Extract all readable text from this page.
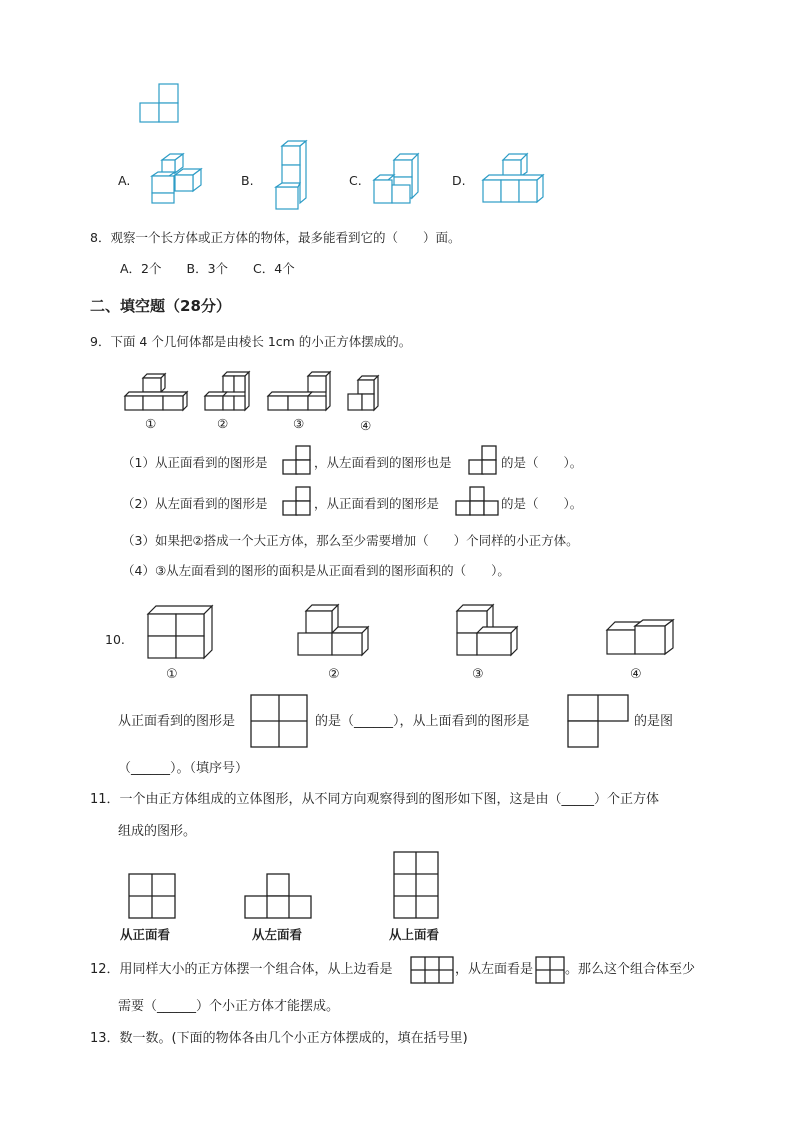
A.	B.	C.	D.
8．观察一个长方体或正方体的物体，最多能看到它的（　　）面。
A．2个　　B．3个　　C．4个
二、填空题（28分）
9．下面 4 个几何体都是由棱长 1cm 的小正方体摆成的。
①	②	③	④
（1）从正面看到的图形是	，从左面看到的图形也是	的是（　　）。
（2）从左面看到的图形是	，从正面看到的图形是	的是（　　）。
（3）如果把②搭成一个大正方体，那么至少需要增加（　　）个同样的小正方体。
（4）③从左面看到的图形的面积是从正面看到的图形面积的（　　）。
10.
①	②	③	④
从正面看到的图形是	的是（______），从上面看到的图形是	的是图
（______）。（填序号）
11．一个由正方体组成的立体图形，从不同方向观察得到的图形如下图，这是由（_____）个正方体
组成的图形。
从正面看	从左面看	从上面看
12．用同样大小的正方体摆一个组合体，从上边看是	，从左面看是 。那么这个组合体至少
需要（______）个小正方体才能摆成。
13．数一数。(下面的物体各由几个小正方体摆成的，填在括号里)
